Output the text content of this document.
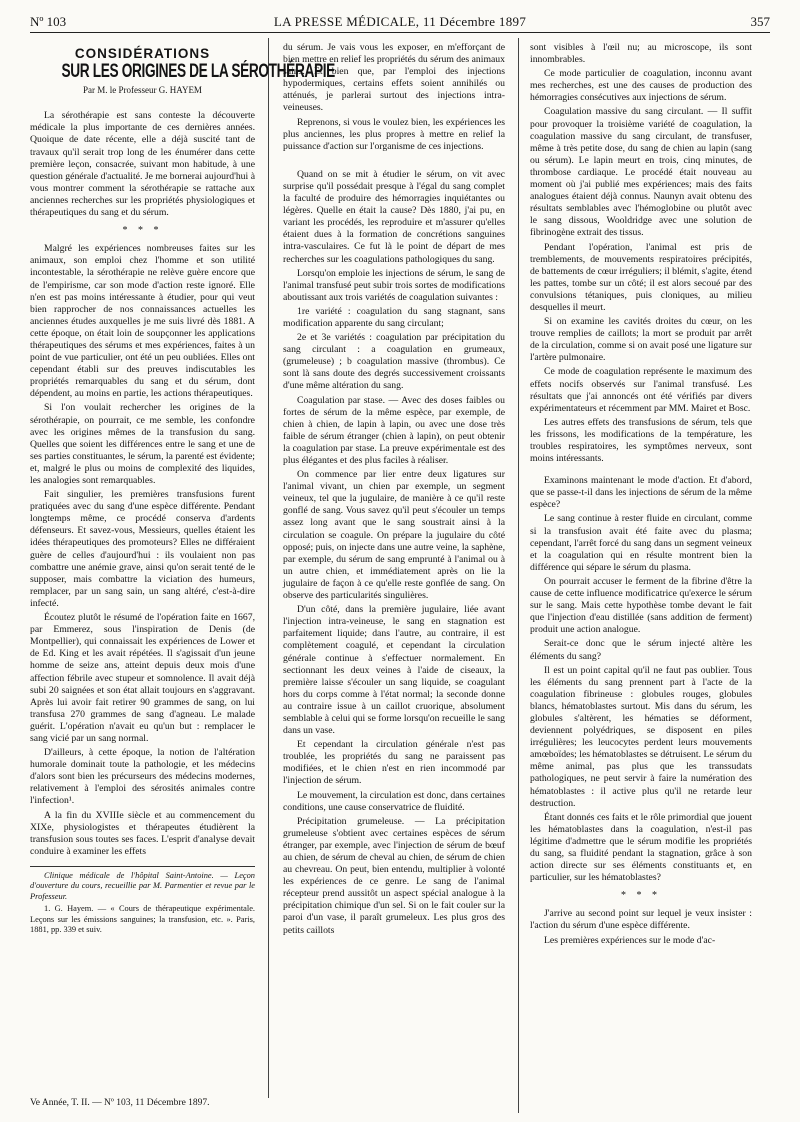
Nº 103	LA PRESSE MÉDICALE, 11 Décembre 1897	357
CONSIDÉRATIONS
SUR LES ORIGINES DE LA SÉROTHÉRAPIE
Par M. le Professeur G. HAYEM

La sérothérapie est sans conteste la découverte médicale la plus importante de ces dernières années. Quoique de date récente, elle a déjà suscité tant de travaux qu'il serait trop long de les énumérer dans cette première leçon, consacrée, suivant mon habitude, à une question générale d'actualité. Je me bornerai aujourd'hui à vous montrer comment la sérothérapie se rattache aux anciennes recherches sur les propriétés physiologiques et thérapeutiques du sang et du sérum.

* * *

Malgré les expériences nombreuses faites sur les animaux, son emploi chez l'homme et son utilité incontestable, la sérothérapie ne relève guère encore que de l'empirisme, car son mode d'action reste ignoré. Elle n'en est pas moins intéressante à étudier, pour qui veut bien rapprocher de nos connaissances actuelles les anciennes études auxquelles je me suis livré dès 1881. A cette époque, on était loin de soupçonner les applications thérapeutiques des sérums et mes expériences, faites à un point de vue particulier, ont été un peu oubliées. Elles ont cependant établi sur des preuves indiscutables les propriétés remarquables du sang et du sérum, dont dépendent, au moins en partie, les actions thérapeutiques.

Si l'on voulait rechercher les origines de la sérothérapie, on pourrait, ce me semble, les confondre avec les origines mêmes de la transfusion du sang. Quelles que soient les différences entre le sang et une de ses parties constituantes, le sérum, la parenté est évidente; et, malgré le plus ou moins de complexité des liquides, les analogies sont remarquables.

Fait singulier, les premières transfusions furent pratiquées avec du sang d'une espèce différente. Pendant longtemps même, ce procédé conserva d'ardents défenseurs. Et savez-vous, Messieurs, quelles étaient les idées thérapeutiques des promoteurs? Elles ne différaient guère de celles d'aujourd'hui : ils voulaient non pas combattre une anémie grave, ainsi qu'on serait tenté de le supposer, mais combattre la viciation des humeurs, remplacer, par un sang sain, un sang altéré, c'est-à-dire infecté.

Écoutez plutôt le résumé de l'opération faite en 1667, par Emmerez, sous l'inspiration de Denis (de Montpellier), qui connaissait les expériences de Lower et de Ed. King et les avait répétées. Il s'agissait d'un jeune homme de seize ans, atteint depuis deux mois d'une affection fébrile avec stupeur et somnolence. Il avait déjà subi 20 saignées et son état allait toujours en s'aggravant. Après lui avoir fait retirer 90 grammes de sang, on lui transfusa 270 grammes de sang d'agneau. Le malade guérit. L'opération n'avait eu qu'un but : remplacer le sang vicié par un sang normal.

D'ailleurs, à cette époque, la notion de l'altération humorale dominait toute la pathologie, et les médecins d'alors sont bien les précurseurs des médecins modernes, relativement à l'emploi des sérosités animales contre l'infection¹.

A la fin du XVIIIe siècle et au commencement du XIXe, physiologistes et thérapeutes étudièrent la transfusion sous toutes ses faces. L'esprit d'analyse devait conduire à examiner les effets

Clinique médicale de l'hôpital Saint-Antoine. — Leçon d'ouverture du cours, recueillie par M. Parmentier et revue par le Professeur.

1. G. Hayem. — « Cours de thérapeutique expérimentale. Leçons sur les émissions sanguines; la transfusion, etc. ». Paris, 1881, pp. 339 et suiv.

Ve Année, T. II. — Nº 103, 11 Décembre 1897.

du sérum. Je vais vous les exposer, en m'efforçant de bien mettre en relief les propriétés du sérum des animaux sains. Et bien que, par l'emploi des injections hypodermiques, certains effets soient annihilés ou atténués, je parlerai surtout des injections intra-veineuses.

Reprenons, si vous le voulez bien, les expériences les plus anciennes, les plus propres à mettre en relief la puissance d'action sur l'organisme de ces injections.

Quand on se mit à étudier le sérum, on vit avec surprise qu'il possédait presque à l'égal du sang complet la faculté de produire des hémorragies inquiétantes ou légères. Quelle en était la cause? Dès 1880, j'ai pu, en variant les procédés, les reproduire et m'assurer qu'elles étaient dues à la formation de concrétions sanguines intra-vasculaires. Ce fut là le point de départ de mes recherches sur les coagulations pathologiques du sang.

Lorsqu'on emploie les injections de sérum, le sang de l'animal transfusé peut subir trois sortes de modifications aboutissant aux trois variétés de coagulation suivantes :

1re variété : coagulation du sang stagnant, sans modification apparente du sang circulant;

2e et 3e variétés : coagulation par précipitation du sang circulant : a coagulation en grumeaux, (grumeleuse) ; b coagulation massive (thrombus). Ce sont là sans doute des degrés successivement croissants d'une même altération du sang.

Coagulation par stase. — Avec des doses faibles ou fortes de sérum de la même espèce, par exemple, de chien à chien, de lapin à lapin, ou avec une dose très faible de sérum étranger (chien à lapin), on peut obtenir la coagulation par stase. La preuve expérimentale est des plus élégantes et des plus faciles à réaliser.

On commence par lier entre deux ligatures sur l'animal vivant, un chien par exemple, un segment veineux, tel que la jugulaire, de manière à ce qu'il reste gonflé de sang. Vous savez qu'il peut s'écouler un temps assez long avant que le sang soustrait ainsi à la circulation se coagule. On prépare la jugulaire du côté opposé; puis, on injecte dans une autre veine, la saphène, par exemple, du sérum de sang emprunté à l'animal ou à un autre chien, et immédiatement après on lie la jugulaire de façon à ce qu'elle reste gonflée de sang. On observe des particularités singulières.

D'un côté, dans la première jugulaire, liée avant l'injection intra-veineuse, le sang en stagnation est parfaitement liquide; dans l'autre, au contraire, il est complètement coagulé, et cependant la circulation générale continue à s'effectuer normalement. En sectionnant les deux veines à l'aide de ciseaux, la première laisse s'écouler un sang liquide, se coagulant hors du corps comme à l'état normal; la seconde donne au contraire issue à un caillot cruorique, absolument semblable à celui qui se forme lorsqu'on recueille le sang dans un vase.

Et cependant la circulation générale n'est pas troublée, les propriétés du sang ne paraissent pas modifiées, et le chien n'est en rien incommodé par l'injection de sérum.

Le mouvement, la circulation est donc, dans certaines conditions, une cause conservatrice de fluidité.

Précipitation grumeleuse. — La précipitation grumeleuse s'obtient avec certaines espèces de sérum étranger, par exemple, avec l'injection de sérum de bœuf au chien, de sérum de cheval au chien, de sérum de chien au chevreau. On peut, bien entendu, multiplier à volonté les expériences de ce genre. Le sang de l'animal récepteur prend aussitôt un aspect spécial analogue à la précipitation chimique d'un sel. Si on le fait couler sur la paroi d'un vase, il paraît grumeleux. Les plus gros des petits caillots

sont visibles à l'œil nu; au microscope, ils sont innombrables.

Ce mode particulier de coagulation, inconnu avant mes recherches, est une des causes de production des hémorragies consécutives aux injections de sérum.

Coagulation massive du sang circulant. — Il suffit pour provoquer la troisième variété de coagulation, la coagulation massive du sang circulant, de transfuser, même à très petite dose, du sang de chien au lapin (sang ou sérum). Le lapin meurt en trois, cinq minutes, de thrombose cardiaque. Le procédé était nouveau au moment où j'ai publié mes expériences; mais des faits analogues étaient déjà connus. Naunyn avait obtenu des résultats semblables avec l'hémoglobine ou plutôt avec le sang dissous, Wooldridge avec une solution de fibrinogène extrait des tissus.

Pendant l'opération, l'animal est pris de tremblements, de mouvements respiratoires précipités, de battements de cœur irréguliers; il blémit, s'agite, étend les pattes, tombe sur un côté; il est alors secoué par des convulsions tétaniques, puis cloniques, au milieu desquelles il meurt.

Si on examine les cavités droites du cœur, on les trouve remplies de caillots; la mort se produit par arrêt de la circulation, comme si on avait posé une ligature sur l'artère pulmonaire.

Ce mode de coagulation représente le maximum des effets nocifs observés sur l'animal transfusé. Les résultats que j'ai annoncés ont été vérifiés par divers expérimentateurs et récemment par MM. Mairet et Bosc.

Les autres effets des transfusions de sérum, tels que les frissons, les modifications de la température, les troubles respiratoires, les symptômes nerveux, sont moins intéressants.

Examinons maintenant le mode d'action. Et d'abord, que se passe-t-il dans les injections de sérum de la même espèce?

Le sang continue à rester fluide en circulant, comme si la transfusion avait été faite avec du plasma; cependant, l'arrêt forcé du sang dans un segment veineux et la coagulation qui en résulte montrent bien la différence qui sépare le sérum du plasma.

On pourrait accuser le ferment de la fibrine d'être la cause de cette influence modificatrice qu'exerce le sérum sur le sang. Mais cette hypothèse tombe devant le fait que l'injection d'eau distillée (sans addition de ferment) produit une action analogue.

Serait-ce donc que le sérum injecté altère les éléments du sang?

Il est un point capital qu'il ne faut pas oublier. Tous les éléments du sang prennent part à l'acte de la coagulation fibrineuse : globules rouges, globules blancs, hématoblastes surtout. Mis dans du sérum, les globules s'altèrent, les hématies se déforment, deviennent polyédriques, se disposent en piles irrégulières; les leucocytes perdent leurs mouvements amœboïdes; les hématoblastes se détruisent. Le sérum du même animal, pas plus que les transsudats pathologiques, ne peut servir à faire la numération des hématoblastes : il active plus qu'il ne retarde leur destruction.

Étant donnés ces faits et le rôle primordial que jouent les hématoblastes dans la coagulation, n'est-il pas légitime d'admettre que le sérum modifie les propriétés du sang, sa fluidité pendant la stagnation, grâce à son action directe sur ses éléments constituants et, en particulier, sur les hématoblastes?

* * *

J'arrive au second point sur lequel je veux insister : l'action du sérum d'une espèce différente.

Les premières expériences sur le mode d'ac-
